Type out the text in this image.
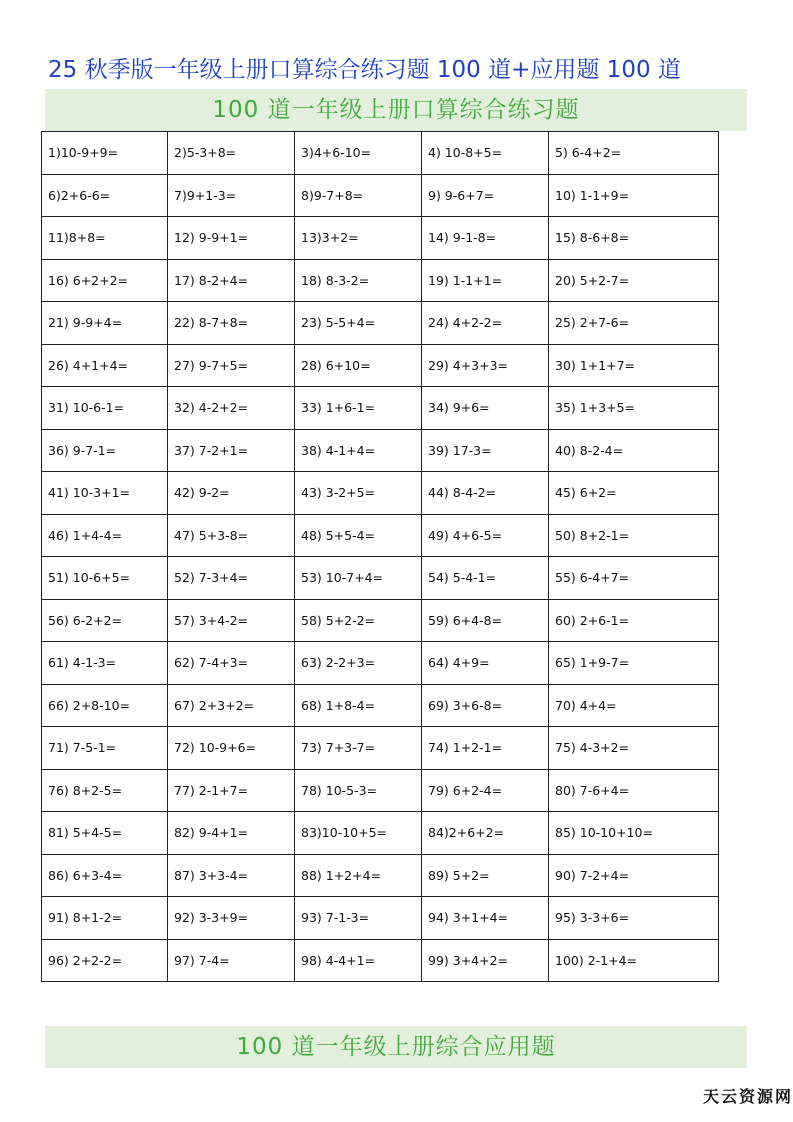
25 秋季版一年级上册口算综合练习题 100 道+应用题 100 道
100 道一年级上册口算综合练习题
1)10-9+9=	2)5-3+8=	3)4+6-10=	4) 10-8+5=	5) 6-4+2=
6)2+6-6=	7)9+1-3=	8)9-7+8=	9) 9-6+7=	10) 1-1+9=
11)8+8=	12) 9-9+1=	13)3+2=	14) 9-1-8=	15) 8-6+8=
16) 6+2+2=	17) 8-2+4=	18) 8-3-2=	19) 1-1+1=	20) 5+2-7=
21) 9-9+4=	22) 8-7+8=	23) 5-5+4=	24) 4+2-2=	25) 2+7-6=
26) 4+1+4=	27) 9-7+5=	28) 6+10=	29) 4+3+3=	30) 1+1+7=
31) 10-6-1=	32) 4-2+2=	33) 1+6-1=	34) 9+6=	35) 1+3+5=
36) 9-7-1=	37) 7-2+1=	38) 4-1+4=	39) 17-3=	40) 8-2-4=
41) 10-3+1=	42) 9-2=	43) 3-2+5=	44) 8-4-2=	45) 6+2=
46) 1+4-4=	47) 5+3-8=	48) 5+5-4=	49) 4+6-5=	50) 8+2-1=
51) 10-6+5=	52) 7-3+4=	53) 10-7+4=	54) 5-4-1=	55) 6-4+7=
56) 6-2+2=	57) 3+4-2=	58) 5+2-2=	59) 6+4-8=	60) 2+6-1=
61) 4-1-3=	62) 7-4+3=	63) 2-2+3=	64) 4+9=	65) 1+9-7=
66) 2+8-10=	67) 2+3+2=	68) 1+8-4=	69) 3+6-8=	70) 4+4=
71) 7-5-1=	72) 10-9+6=	73) 7+3-7=	74) 1+2-1=	75) 4-3+2=
76) 8+2-5=	77) 2-1+7=	78) 10-5-3=	79) 6+2-4=	80) 7-6+4=
81) 5+4-5=	82) 9-4+1=	83)10-10+5=	84)2+6+2=	85) 10-10+10=
86) 6+3-4=	87) 3+3-4=	88) 1+2+4=	89) 5+2=	90) 7-2+4=
91) 8+1-2=	92) 3-3+9=	93) 7-1-3=	94) 3+1+4=	95) 3-3+6=
96) 2+2-2=	97) 7-4=	98) 4-4+1=	99) 3+4+2=	100) 2-1+4=
100 道一年级上册综合应用题
天云资源网
